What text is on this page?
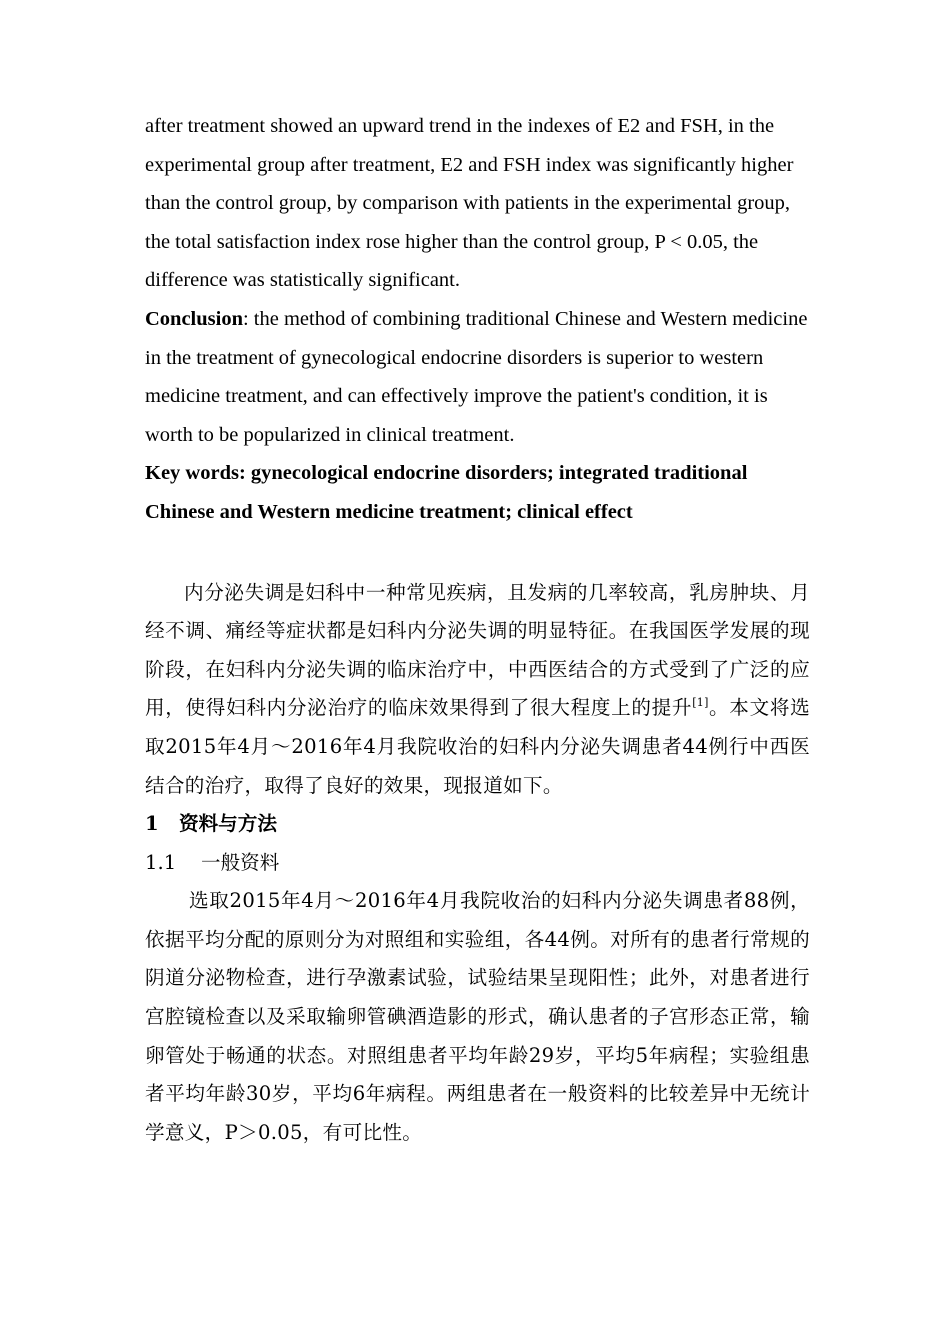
after treatment showed an upward trend in the indexes of E2 and FSH, in the experimental group after treatment, E2 and FSH index was significantly higher than the control group, by comparison with patients in the experimental group, the total satisfaction index rose higher than the control group, P < 0.05, the difference was statistically significant.

Conclusion: the method of combining traditional Chinese and Western medicine in the treatment of gynecological endocrine disorders is superior to western medicine treatment, and can effectively improve the patient's condition, it is worth to be popularized in clinical treatment.

Key words: gynecological endocrine disorders; integrated traditional Chinese and Western medicine treatment; clinical effect

内分泌失调是妇科中一种常见疾病，且发病的几率较高，乳房肿块、月经不调、痛经等症状都是妇科内分泌失调的明显特征。在我国医学发展的现阶段，在妇科内分泌失调的临床治疗中，中西医结合的方式受到了广泛的应用，使得妇科内分泌治疗的临床效果得到了很大程度上的提升[1]。本文将选取2015年4月～2016年4月我院收治的妇科内分泌失调患者44例行中西医结合的治疗，取得了良好的效果，现报道如下。

1 资料与方法

1.1 一般资料

选取2015年4月～2016年4月我院收治的妇科内分泌失调患者88例，依据平均分配的原则分为对照组和实验组，各44例。对所有的患者行常规的阴道分泌物检查，进行孕激素试验，试验结果呈现阳性；此外，对患者进行宫腔镜检查以及采取输卵管碘酒造影的形式，确认患者的子宫形态正常，输卵管处于畅通的状态。对照组患者平均年龄29岁，平均5年病程；实验组患者平均年龄30岁，平均6年病程。两组患者在一般资料的比较差异中无统计学意义，P＞0.05，有可比性。
